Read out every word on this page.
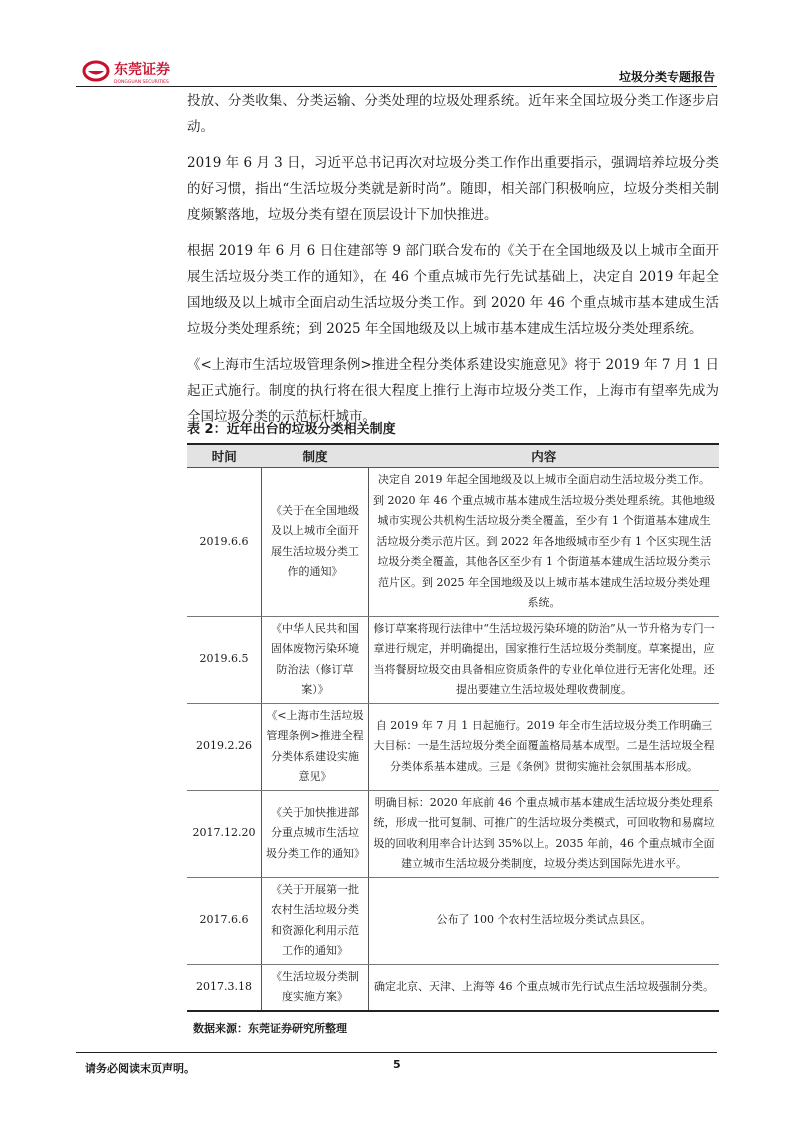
东莞证券
DONGGUAN SECURITIES	垃圾分类专题报告

投放、分类收集、分类运输、分类处理的垃圾处理系统。近年来全国垃圾分类工作逐步启动。

2019 年 6 月 3 日，习近平总书记再次对垃圾分类工作作出重要指示，强调培养垃圾分类的好习惯，指出“生活垃圾分类就是新时尚”。随即，相关部门积极响应，垃圾分类相关制度频繁落地，垃圾分类有望在顶层设计下加快推进。

根据 2019 年 6 月 6 日住建部等 9 部门联合发布的《关于在全国地级及以上城市全面开展生活垃圾分类工作的通知》，在 46 个重点城市先行先试基础上，决定自 2019 年起全国地级及以上城市全面启动生活垃圾分类工作。到 2020 年 46 个重点城市基本建成生活垃圾分类处理系统；到 2025 年全国地级及以上城市基本建成生活垃圾分类处理系统。

《<上海市生活垃圾管理条例>推进全程分类体系建设实施意见》将于 2019 年 7 月 1 日起正式施行。制度的执行将在很大程度上推行上海市垃圾分类工作，上海市有望率先成为全国垃圾分类的示范标杆城市。

表 2：近年出台的垃圾分类相关制度
时间	制度	内容
2019.6.6	《关于在全国地级及以上城市全面开展生活垃圾分类工作的通知》	决定自 2019 年起全国地级及以上城市全面启动生活垃圾分类工作。到 2020 年 46 个重点城市基本建成生活垃圾分类处理系统。其他地级城市实现公共机构生活垃圾分类全覆盖，至少有 1 个街道基本建成生活垃圾分类示范片区。到 2022 年各地级城市至少有 1 个区实现生活垃圾分类全覆盖，其他各区至少有 1 个街道基本建成生活垃圾分类示范片区。到 2025 年全国地级及以上城市基本建成生活垃圾分类处理系统。
2019.6.5	《中华人民共和国固体废物污染环境防治法（修订草案）》	修订草案将现行法律中“生活垃圾污染环境的防治”从一节升格为专门一章进行规定，并明确提出，国家推行生活垃圾分类制度。草案提出，应当将餐厨垃圾交由具备相应资质条件的专业化单位进行无害化处理。还提出要建立生活垃圾处理收费制度。
2019.2.26	《<上海市生活垃圾管理条例>推进全程分类体系建设实施意见》	自 2019 年 7 月 1 日起施行。2019 年全市生活垃圾分类工作明确三大目标：一是生活垃圾分类全面覆盖格局基本成型。二是生活垃圾全程分类体系基本建成。三是《条例》贯彻实施社会氛围基本形成。
2017.12.20	《关于加快推进部分重点城市生活垃圾分类工作的通知》	明确目标：2020 年底前 46 个重点城市基本建成生活垃圾分类处理系统，形成一批可复制、可推广的生活垃圾分类模式，可回收物和易腐垃圾的回收利用率合计达到 35%以上。2035 年前，46 个重点城市全面建立城市生活垃圾分类制度，垃圾分类达到国际先进水平。
2017.6.6	《关于开展第一批农村生活垃圾分类和资源化利用示范工作的通知》	公布了 100 个农村生活垃圾分类试点县区。
2017.3.18	《生活垃圾分类制度实施方案》	确定北京、天津、上海等 46 个重点城市先行试点生活垃圾强制分类。
数据来源：东莞证券研究所整理
请务必阅读末页声明。	5
